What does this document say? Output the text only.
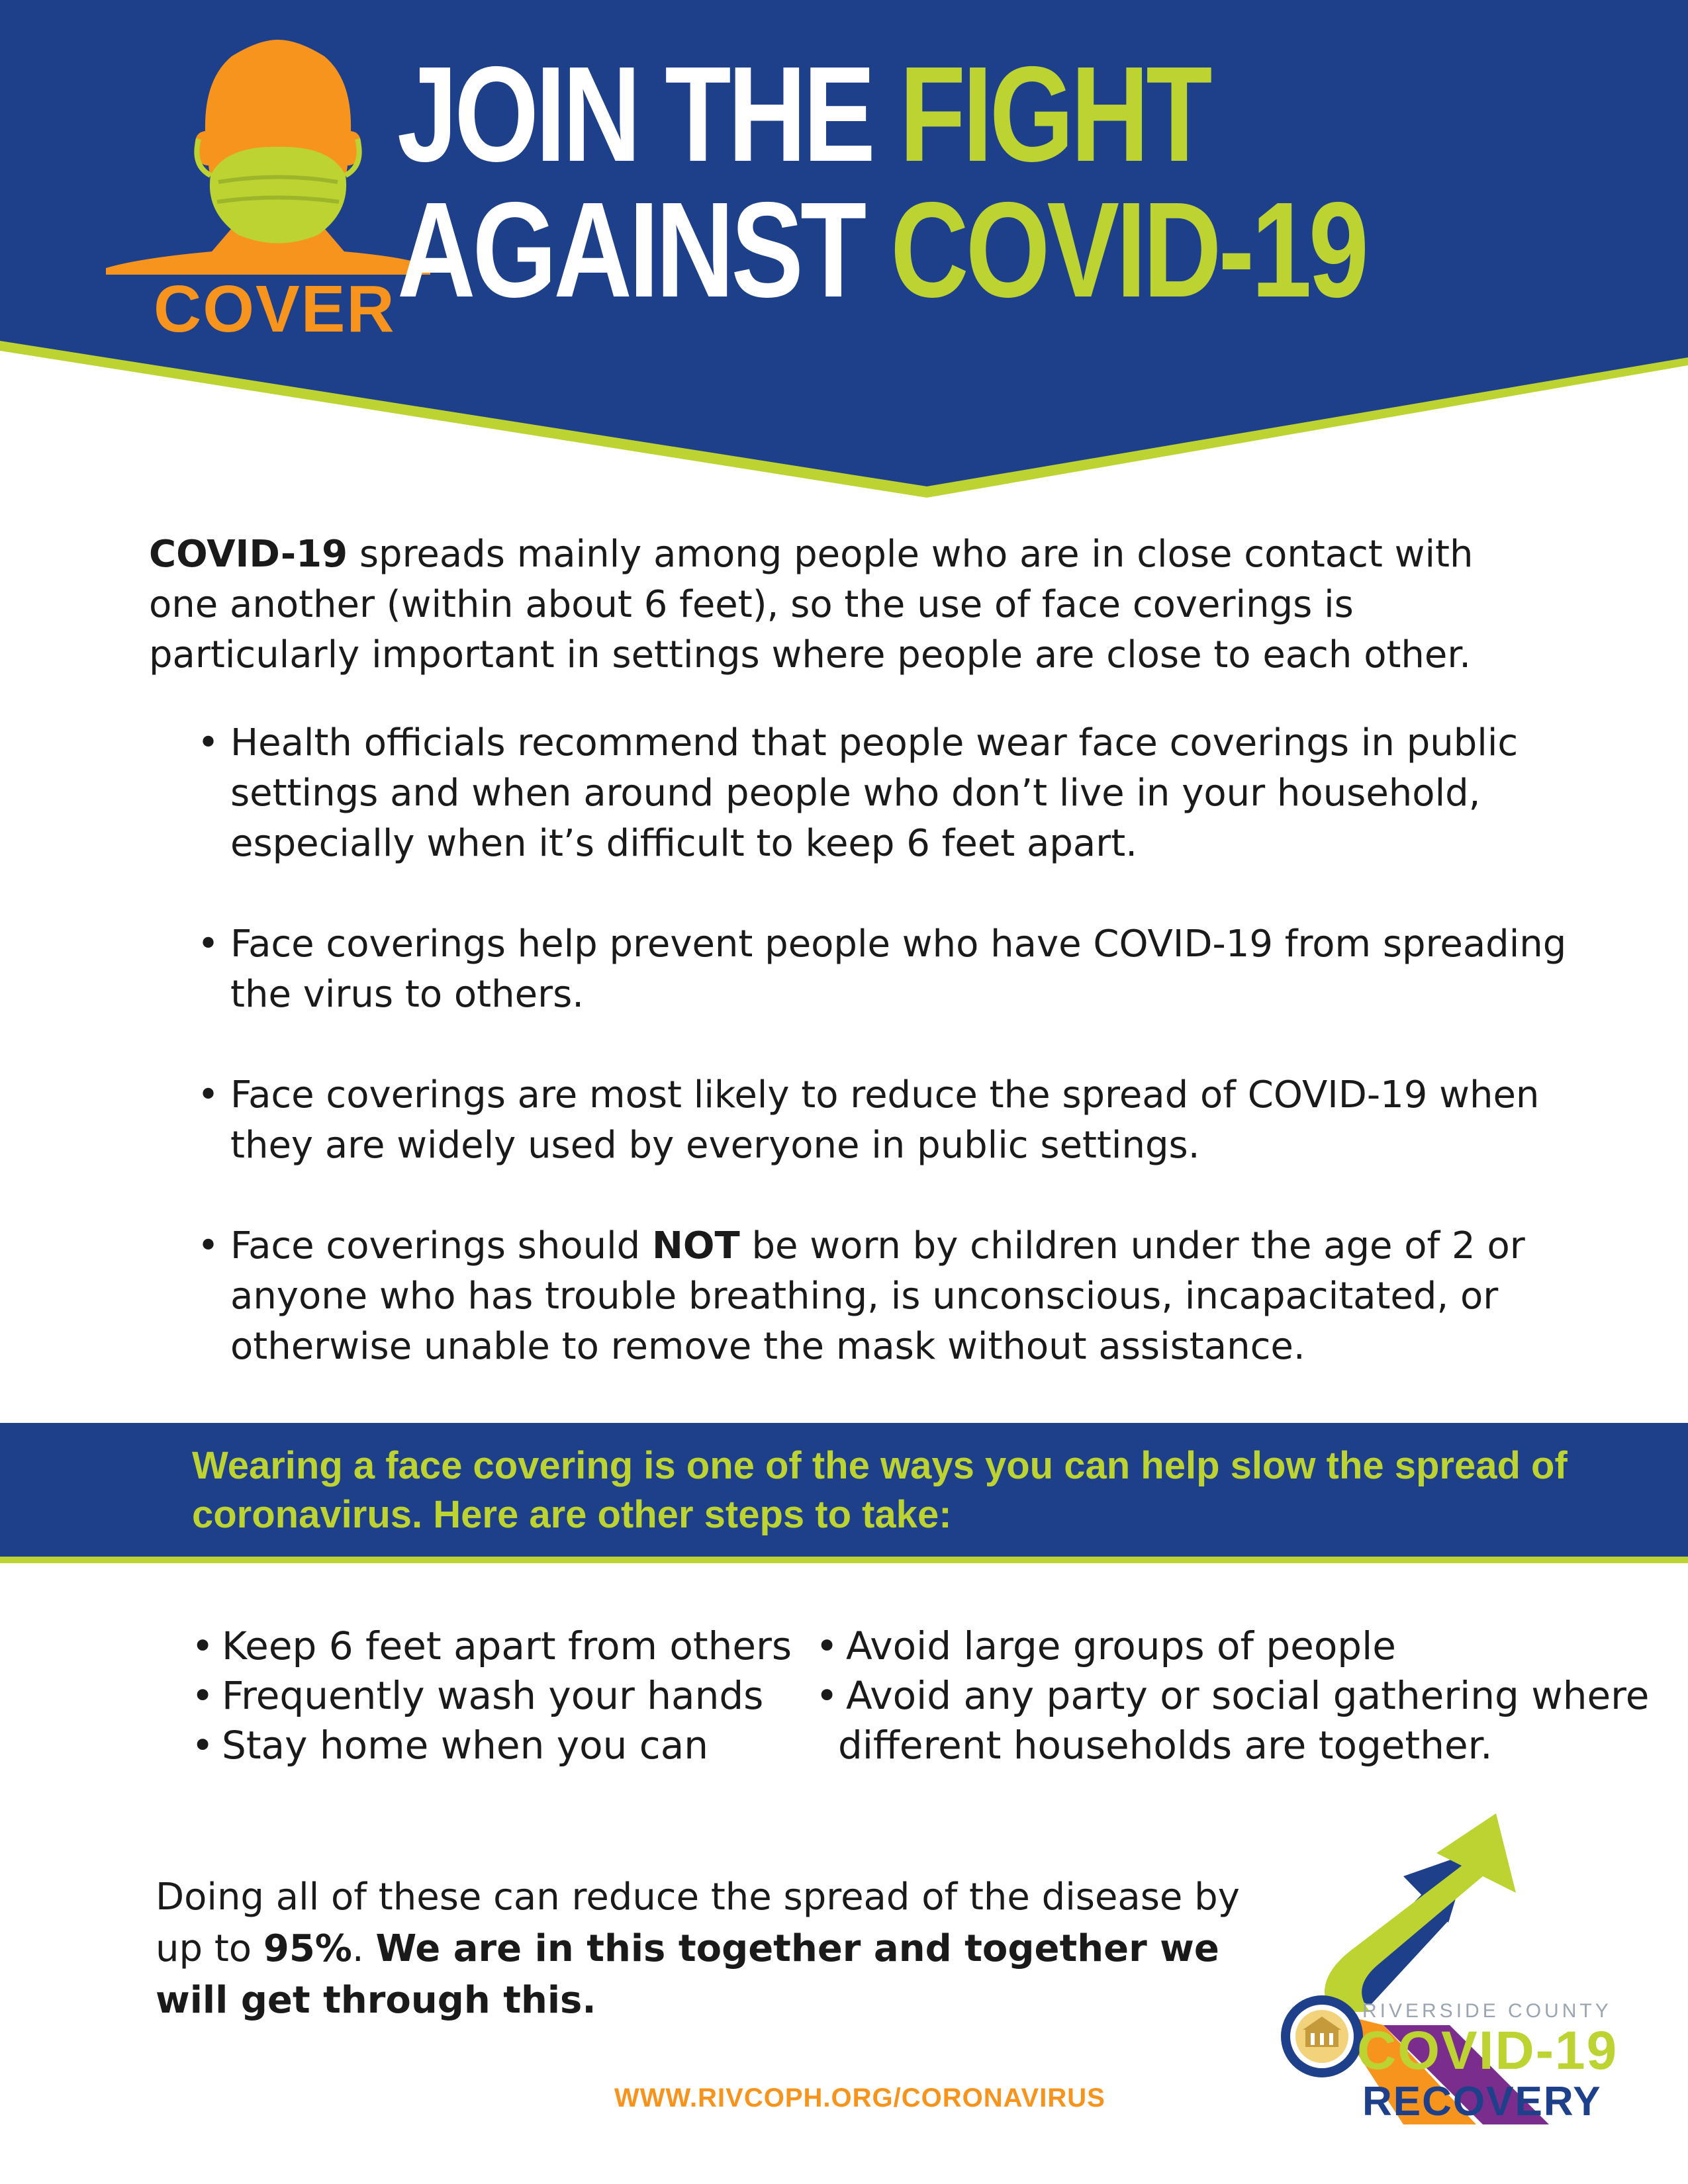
COVER
JOIN THE FIGHT
AGAINST COVID-19

COVID-19 spreads mainly among people who are in close contact with one another (within about 6 feet), so the use of face coverings is particularly important in settings where people are close to each other.

• Health officials recommend that people wear face coverings in public settings and when around people who don’t live in your household, especially when it’s difficult to keep 6 feet apart.
• Face coverings help prevent people who have COVID-19 from spreading the virus to others.
• Face coverings are most likely to reduce the spread of COVID-19 when they are widely used by everyone in public settings.
• Face coverings should NOT be worn by children under the age of 2 or anyone who has trouble breathing, is unconscious, incapacitated, or otherwise unable to remove the mask without assistance.

Wearing a face covering is one of the ways you can help slow the spread of coronavirus. Here are other steps to take:

• Keep 6 feet apart from others
• Frequently wash your hands
• Stay home when you can
• Avoid large groups of people
• Avoid any party or social gathering where
different households are together.

Doing all of these can reduce the spread of the disease by up to 95%. We are in this together and together we will get through this.

WWW.RIVCOPH.ORG/CORONAVIRUS
RIVERSIDE COUNTY
COVID-19
RECOVERY
